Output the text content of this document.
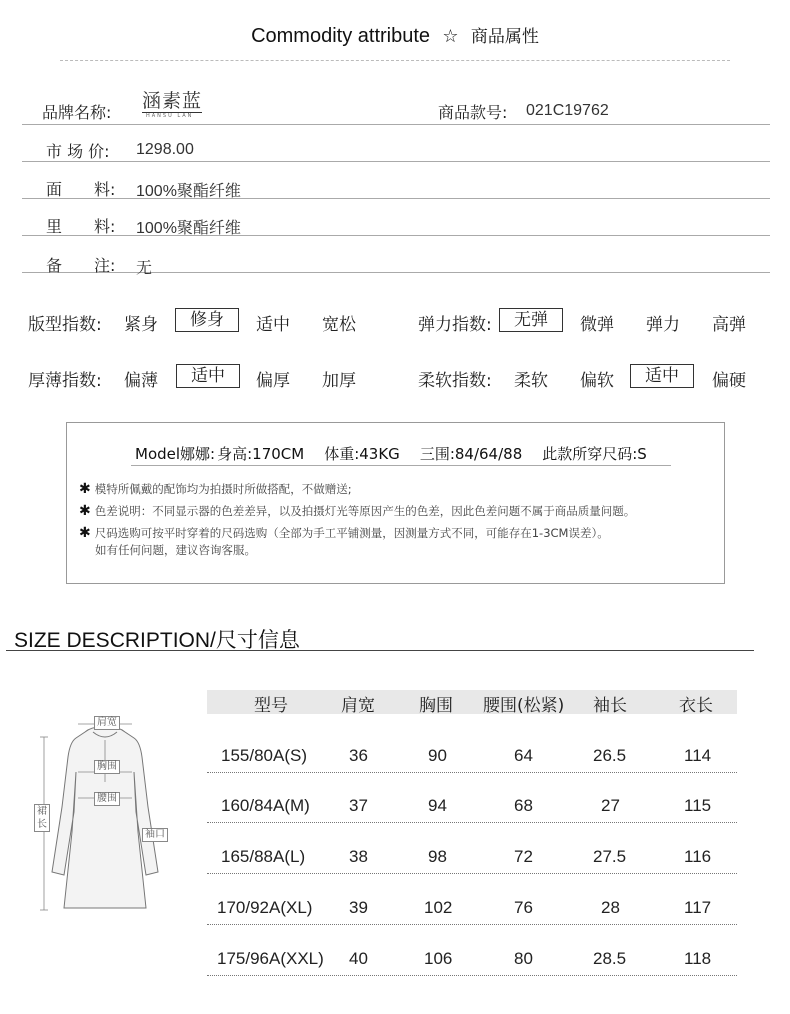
Commodity attribute ☆ 商品属性
品牌名称:
涵素蓝
HANSU LAN	商品款号: 021C19762
市 场 价: 1298.00
面　　料: 100%聚酯纤维
里　　料: 100%聚酯纤维
备　　注: 无
版型指数: 紧身	修身	适中 宽松	弹力指数:	无弹	微弹 弹力 高弹
厚薄指数: 偏薄	适中	偏厚 加厚	柔软指数: 柔软 偏软	适中	偏硬
Model娜娜: 身高:170CM 体重:43KG 三围:84/64/88 此款所穿尺码:S
✱ 模特所佩戴的配饰均为拍摄时所做搭配，不做赠送;
✱ 色差说明：不同显示器的色差差异，以及拍摄灯光等原因产生的色差，因此色差问题不属于商品质量问题。
✱ 尺码选购可按平时穿着的尺码选购（全部为手工平铺测量，因测量方式不同，可能存在1-3CM误差）。
如有任何问题，建议咨询客服。
SIZE DESCRIPTION/尺寸信息
肩宽
胸围
腰围
裙长
袖口
型号	肩宽	胸围 腰围(松紧) 袖长	衣长
155/80A(S) 36	90	64	26.5	114
160/84A(M) 37	94	68	27	115
165/88A(L)	38	98	72	27.5	116
170/92A(XL) 39	102	76	28	117
175/96A(XXL) 40	106	80	28.5	118
